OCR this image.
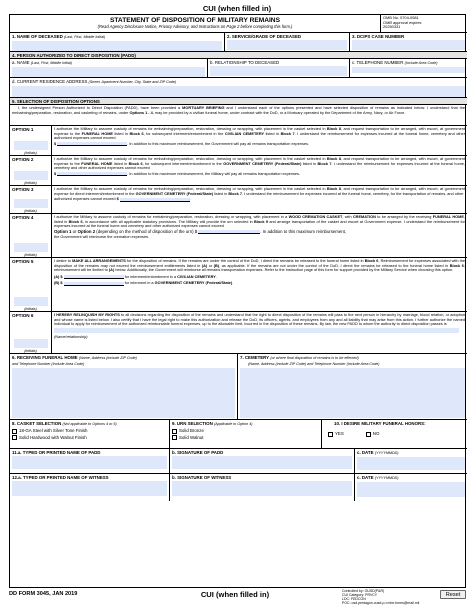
CUI (when filled in)
STATEMENT OF DISPOSITION OF MILITARY REMAINS
(Read Agency Disclosure Notice, Privacy Advisory, and Instructions on Page 2 before completing this form.)
OMB No. 0704-0581
OMB approval expires
20250331
1. NAME OF DECEASED (Last, First, Middle Initial)	2. SERVICE/GRADE OF DECEASED	3. DCIPS CASE NUMBER
4. PERSON AUTHORIZED TO DIRECT DISPOSITION (PADD)
a. NAME (Last, First, Middle Initial)	b. RELATIONSHIP TO DECEASED	c. TELEPHONE NUMBER (Include Area Code)
d. CURRENT RESIDENCE ADDRESS (Street, Apartment Number, City, State and ZIP Code)
5. SELECTION OF DISPOSITION OPTIONS
I, the undersigned Person Authorized to Direct Disposition (PADD), have been provided a MORTUARY BRIEFING and I understand each of the options presented and have selected disposition of remains as indicated below. I understand that the embalming/preparation, restoration, and casketing of remains, under Options 1 - 4, may be provided by a civilian funeral home, under contract with the DoD, or a Mortuary operated by the Department of the Army, Navy, or Air Force.
OPTION 1
(Initials)
I authorize the Military to assume custody of remains for embalming/preparation, restoration, dressing or wrapping, with placement in the casket selected in Block 8, and request transportation to be arranged, with escort, at government expense to the FUNERAL HOME listed in Block 6, for subsequent interment/entombment in the CIVILIAN CEMETERY listed in Block 7. I understand the reimbursement for expenses incurred at the funeral home, cemetery and other authorized expenses cannot exceed
$	. In addition to this maximum reimbursement, the Government will pay all remains transportation expenses.
OPTION 2
(Initials)
I authorize the Military to assume custody of remains for embalming/preparation, restoration, dressing or wrapping, with placement in the casket selected in Block 8, and request transportation to be arranged, with escort, at government expense to the FUNERAL HOME listed in Block 6, for subsequent interment/entombment in the GOVERNMENT CEMETERY (Federal/State) listed in Block 7. I understand the reimbursement for expenses incurred at the funeral home, cemetery and other authorized expenses cannot exceed
$	. In addition to this maximum reimbursement, the Military will pay all remains transportation expenses.
OPTION 3
(Initials)
I authorize the Military to assume custody of remains for embalming/preparation, restoration, dressing or wrapping, with placement in the casket selected in Block 8, and request transportation to be arranged, with escort, at government expense for direct interment/entombment in the GOVERNMENT CEMETERY (Federal/State) listed in Block 7. I understand the reimbursement for expenses incurred at the funeral home, cemetery, for the transportation of remains, and other
authorized expenses cannot exceed $	.
OPTION 4
(Initials)
I authorize the Military to assume custody of remains for embalming/preparation, restoration, dressing or wrapping, with placement in a WOOD CREMATION CASKET, with CREMATION to be arranged by the receiving FUNERAL HOME, listed in Block 6, in accordance with all applicable statutory provisions. The Military will provide the urn selected in Block 9 and arrange transportation of the casket and escort at Government expense. I understand the reimbursement for expenses incurred at the funeral home and cemetery and other authorized expenses cannot exceed
Option 1 or Option 2 (depending on the method of disposition of the urn) $	. In addition to this maximum reimbursement,
the Government will reimburse the cremation expenses.
OPTION 5
(Initials)
I desire to MAKE ALL ARRANGEMENTS for the disposition of remains. If the remains are under the control of the DoD, I direct the remains be released to the funeral home listed in Block 6. Reimbursement for expenses associated with the disposition of the remains may not exceed the reimbursement entitlements listed in (A) or (B), as applicable. If the remains are not under the control of the DoD, I direct the remains be released to the funeral home listed in Block 6; reimbursement will be limited to (A) below. Additionally, the Government will reimburse all remains transportation expenses. Refer to the instruction page of this form for support provided by the Military Service when choosing this option.
(A) $	for interment/entombment in a CIVILIAN CEMETERY.
(B) $	for interment in a GOVERNMENT CEMETERY (Federal/State).
OPTION 6
(Initials)
I HEREBY RELINQUISH MY RIGHTS to all decisions regarding the disposition of the remains and understand that the right to direct disposition of the remains will pass to the next person in hierarchy by marriage, blood relation, or adoption and whose name is listed below. I also certify that I have the legal right to make this authorization and release the DoD, its officers, agents, and employees from any and all liability that may arise from this action. I further authorize the named individual to apply for reimbursement of the authorized reimbursable funeral expenses, up to the allowable limit, incurred in the disposition of these remains. By law, the new PADD to whom the authority to direct disposition passes is
(Name/relationship)
6. RECEIVING FUNERAL HOME (Name, Address (include ZIP Code)
and Telephone Number (Include Area Code)
7. CEMETERY (or where final disposition of remains is to be effected)
(Name, Address (include ZIP Code) and Telephone Number (Include Area Code)
8. CASKET SELECTION (Not applicable to Options 4 or 5)
18-GA Steel with Silver Tone Finish
Solid Hardwood with Walnut Finish
9. URN SELECTION (Applicable to Option 4)
Solid Bronze
Solid Walnut
10. I DESIRE MILITARY FUNERAL HONORS:
YES	NO
11.a. TYPED OR PRINTED NAME OF PADD	b. SIGNATURE OF PADD	c. DATE (YYYYMMDD)
12.a. TYPED OR PRINTED NAME OF WITNESS	b. SIGNATURE OF WITNESS	c. DATE (YYYYMMDD)
DD FORM 3045, JAN 2019	CUI (when filled in)	Controlled by: OUSD(P&R)
CUI Category: PRVCY
LDC: FEDCON
POC: osd.pentagon.ousd-p-r.mbx.forms@mail.mil
Reset
